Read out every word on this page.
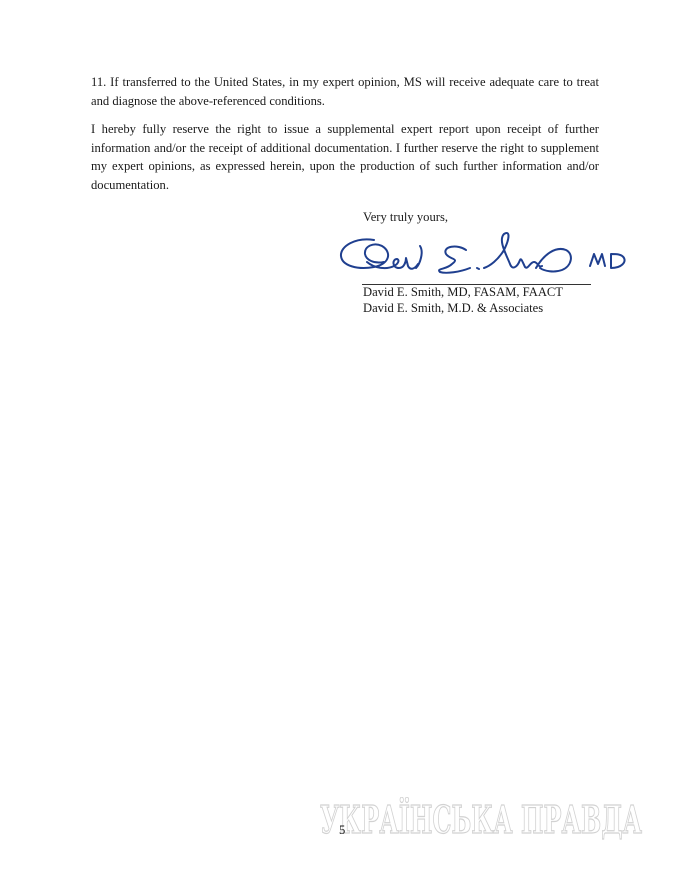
11. If transferred to the United States, in my expert opinion, MS will receive adequate care to treat and diagnose the above-referenced conditions.

I hereby fully reserve the right to issue a supplemental expert report upon receipt of further information and/or the receipt of additional documentation. I further reserve the right to supplement my expert opinions, as expressed herein, upon the production of such further information and/or documentation.

Very truly yours,
David E. Smith, MD, FASAM, FAACT
David E. Smith, M.D. & Associates
УКРАЇНСЬКА ПРАВДА
5
